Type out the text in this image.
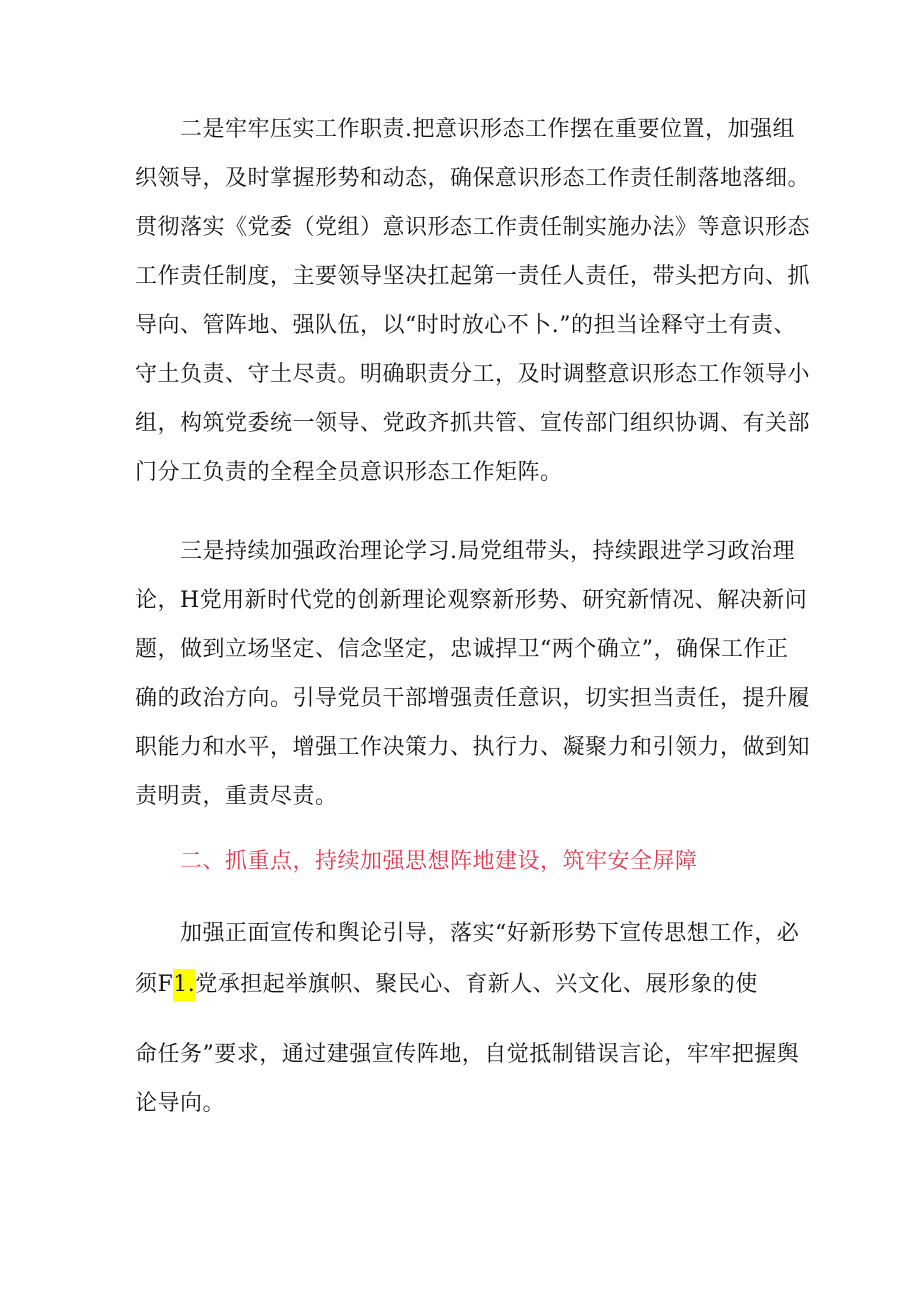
二是牢牢压实工作职责.把意识形态工作摆在重要位置，加强组
织领导，及时掌握形势和动态，确保意识形态工作责任制落地落细。
贯彻落实《党委（党组）意识形态工作责任制实施办法》等意识形态
工作责任制度，主要领导坚决扛起第一责任人责任，带头把方向、抓
导向、管阵地、强队伍，以“时时放心不卜.”的担当诠释守土有责、
守土负责、守土尽责。明确职责分工，及时调整意识形态工作领导小
组，构筑党委统一领导、党政齐抓共管、宣传部门组织协调、有关部
门分工负责的全程全员意识形态工作矩阵。
三是持续加强政治理论学习.局党组带头，持续跟进学习政治理
论，H党用新时代党的创新理论观察新形势、研究新情况、解决新问
题，做到立场坚定、信念坚定，忠诚捍卫“两个确立”，确保工作正
确的政治方向。引导党员干部增强责任意识，切实担当责任，提升履
职能力和水平，增强工作决策力、执行力、凝聚力和引领力，做到知
责明责，重责尽责。
二、抓重点，持续加强思想阵地建设，筑牢安全屏障
加强正面宣传和舆论引导，落实“好新形势下宣传思想工作，必
须F1.党承担起举旗帜、聚民心、育新人、兴文化、展形象的使
命任务”要求，通过建强宣传阵地，自觉抵制错误言论，牢牢把握舆
论导向。
